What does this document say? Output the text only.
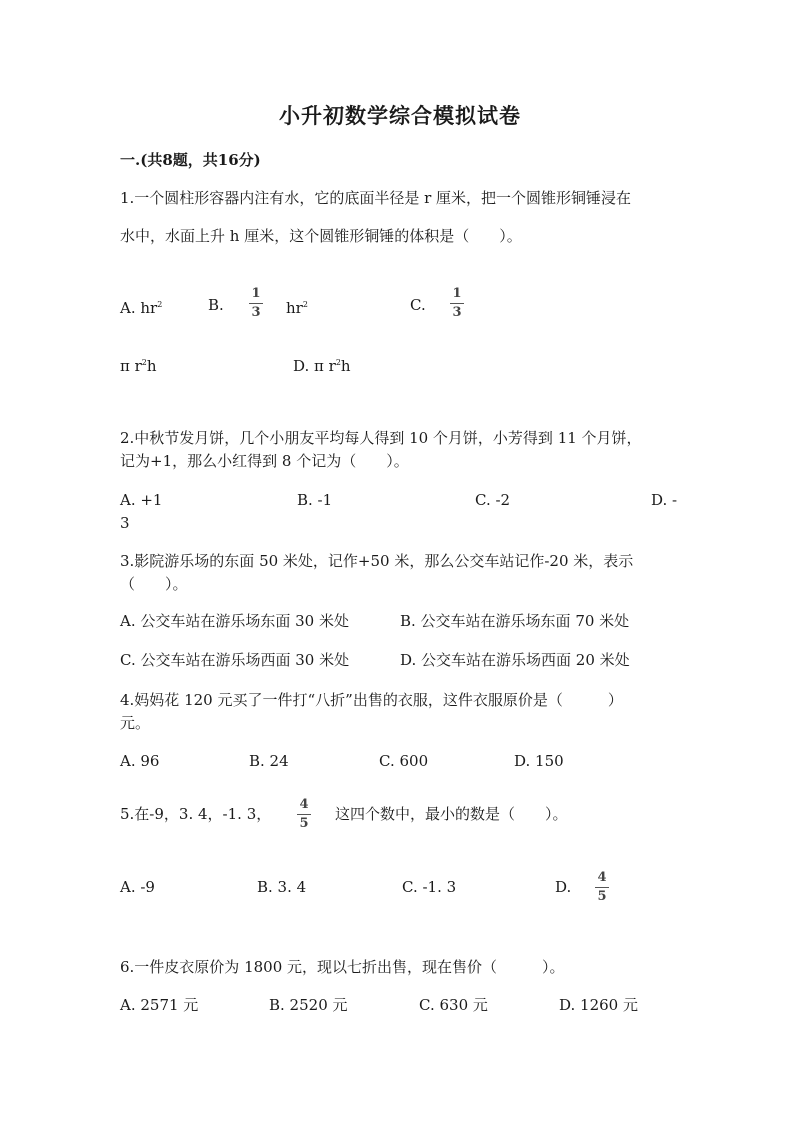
小升初数学综合模拟试卷
一.(共8题，共16分)
1.一个圆柱形容器内注有水，它的底面半径是 r 厘米，把一个圆锥形铜锤浸在
水中，水面上升 h 厘米，这个圆锥形铜锤的体积是（　　）。
A. $hr^2$	B.
1
3 $hr^2$	C.
1
3
π $r^2h$	D. π $r^2h$
2.中秋节发月饼，几个小朋友平均每人得到 10 个月饼，小芳得到 11 个月饼，
记为+1，那么小红得到 8 个记为（　　）。
A. +1	B. -1	C. -2	D. -
3
3.影院游乐场的东面 50 米处，记作+50 米，那么公交车站记作-20 米，表示
（　　）。
A. 公交车站在游乐场东面 30 米处	B. 公交车站在游乐场东面 70 米处
C. 公交车站在游乐场西面 30 米处	D. 公交车站在游乐场西面 20 米处
4.妈妈花 120 元买了一件打“八折”出售的衣服，这件衣服原价是（　　　）
元。
A. 96	B. 24	C. 600	D. 150
5.在-9，3. 4，-1. 3，
4
5
这四个数中，最小的数是（　　）。
A. -9	B. 3. 4	C. -1. 3	D.
4
5
6.一件皮衣原价为 1800 元，现以七折出售，现在售价（　　　）。
A. 2571 元	B. 2520 元	C. 630 元	D. 1260 元
